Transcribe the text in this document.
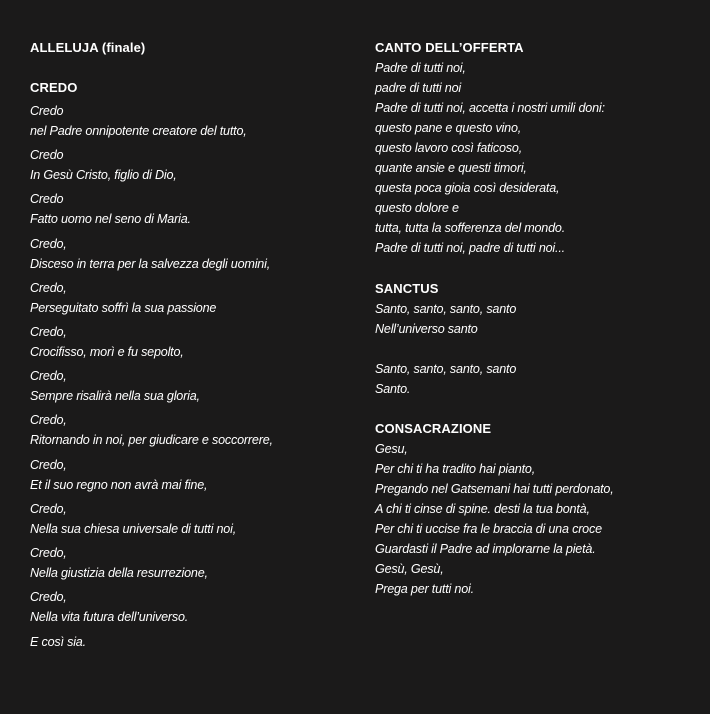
ALLELUJA (finale)
CREDO
Credo
nel Padre onnipotente creatore del tutto,
Credo
In Gesù Cristo, figlio di Dio,
Credo
Fatto uomo nel seno di Maria.
Credo,
Disceso in terra per la salvezza degli uomini,
Credo,
Perseguitato soffrì la sua passione
Credo,
Crocifisso, morì e fu sepolto,
Credo,
Sempre risalirà nella sua gloria,
Credo,
Ritornando in noi, per giudicare e soccorrere,
Credo,
Et il suo regno non avrà mai fine,
Credo,
Nella sua chiesa universale di tutti noi,
Credo,
Nella giustizia della resurrezione,
Credo,
Nella vita futura dell’universo.
E così sia.
CANTO DELL’OFFERTA
Padre di tutti noi,
padre di tutti noi
Padre di tutti noi, accetta i nostri umili doni:
questo pane e questo vino,
questo lavoro così faticoso,
quante ansie e questi timori,
questa poca gioia così desiderata,
questo dolore e
tutta, tutta la sofferenza del mondo.
Padre di tutti noi, padre di tutti noi...
SANCTUS
Santo, santo, santo, santo
Nell’universo santo
Santo, santo, santo, santo
Santo.
CONSACRAZIONE
Gesu,
Per chi ti ha tradito hai pianto,
Pregando nel Gatsemani hai tutti perdonato,
A chi ti cinse di spine. desti la tua bontà,
Per chi ti uccise fra le braccia di una croce
Guardasti il Padre ad implorarne la pietà.
Gesù, Gesù,
Prega per tutti noi.
